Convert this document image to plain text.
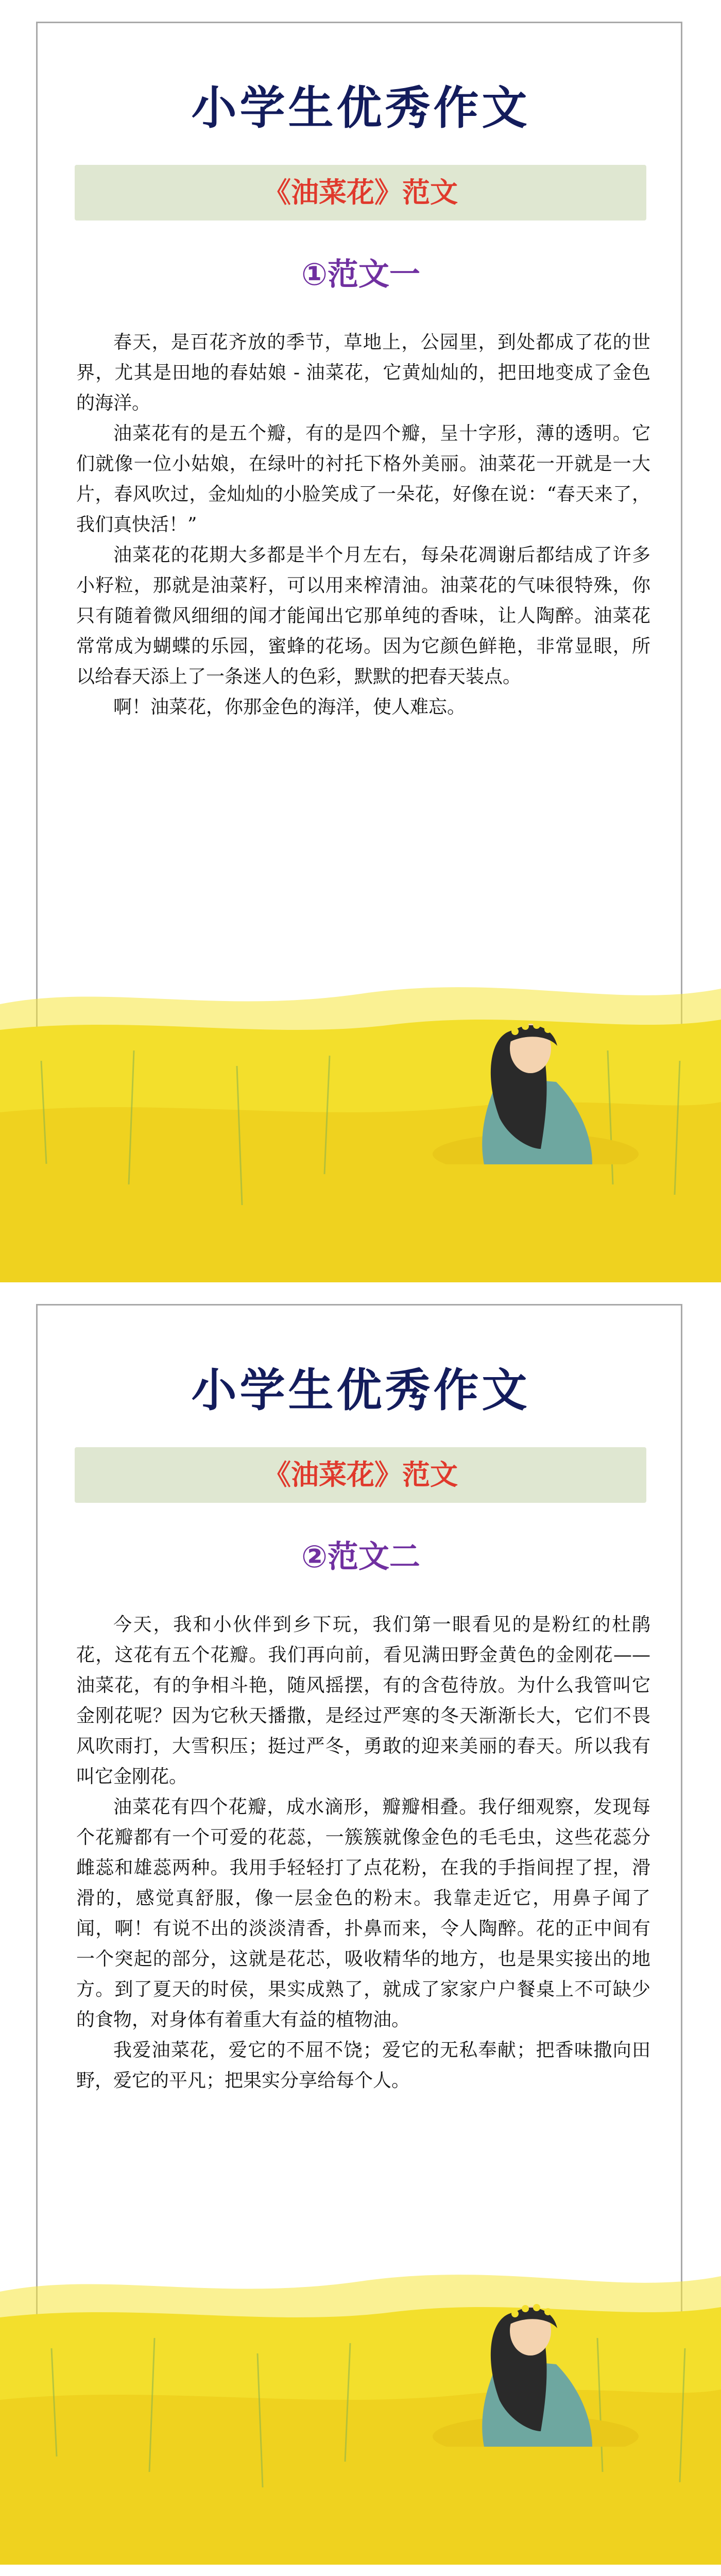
小学生优秀作文
《油菜花》范文
①范文一

春天，是百花齐放的季节，草地上，公园里，到处都成了花的世界，尤其是田地的春姑娘 - 油菜花，它黄灿灿的，把田地变成了金色的海洋。

油菜花有的是五个瓣，有的是四个瓣，呈十字形，薄的透明。它们就像一位小姑娘，在绿叶的衬托下格外美丽。油菜花一开就是一大片，春风吹过，金灿灿的小脸笑成了一朵花，好像在说：“春天来了，我们真快活！”

油菜花的花期大多都是半个月左右，每朵花凋谢后都结成了许多小籽粒，那就是油菜籽，可以用来榨清油。油菜花的气味很特殊，你只有随着微风细细的闻才能闻出它那单纯的香味，让人陶醉。油菜花常常成为蝴蝶的乐园，蜜蜂的花场。因为它颜色鲜艳，非常显眼，所以给春天添上了一条迷人的色彩，默默的把春天装点。

啊！油菜花，你那金色的海洋，使人难忘。

小学生优秀作文
《油菜花》范文
②范文二

今天，我和小伙伴到乡下玩，我们第一眼看见的是粉红的杜鹃花，这花有五个花瓣。我们再向前，看见满田野金黄色的金刚花——油菜花，有的争相斗艳，随风摇摆，有的含苞待放。为什么我管叫它金刚花呢？因为它秋天播撒，是经过严寒的冬天渐渐长大，它们不畏风吹雨打，大雪积压；挺过严冬，勇敢的迎来美丽的春天。所以我有叫它金刚花。

油菜花有四个花瓣，成水滴形，瓣瓣相叠。我仔细观察，发现每个花瓣都有一个可爱的花蕊，一簇簇就像金色的毛毛虫，这些花蕊分雌蕊和雄蕊两种。我用手轻轻打了点花粉，在我的手指间捏了捏，滑滑的，感觉真舒服，像一层金色的粉末。我靠走近它，用鼻子闻了闻，啊！有说不出的淡淡清香，扑鼻而来，令人陶醉。花的正中间有一个突起的部分，这就是花芯，吸收精华的地方，也是果实接出的地方。到了夏天的时侯，果实成熟了，就成了家家户户餐桌上不可缺少的食物，对身体有着重大有益的植物油。

我爱油菜花，爱它的不屈不饶；爱它的无私奉献；把香味撒向田野，爱它的平凡；把果实分享给每个人。
